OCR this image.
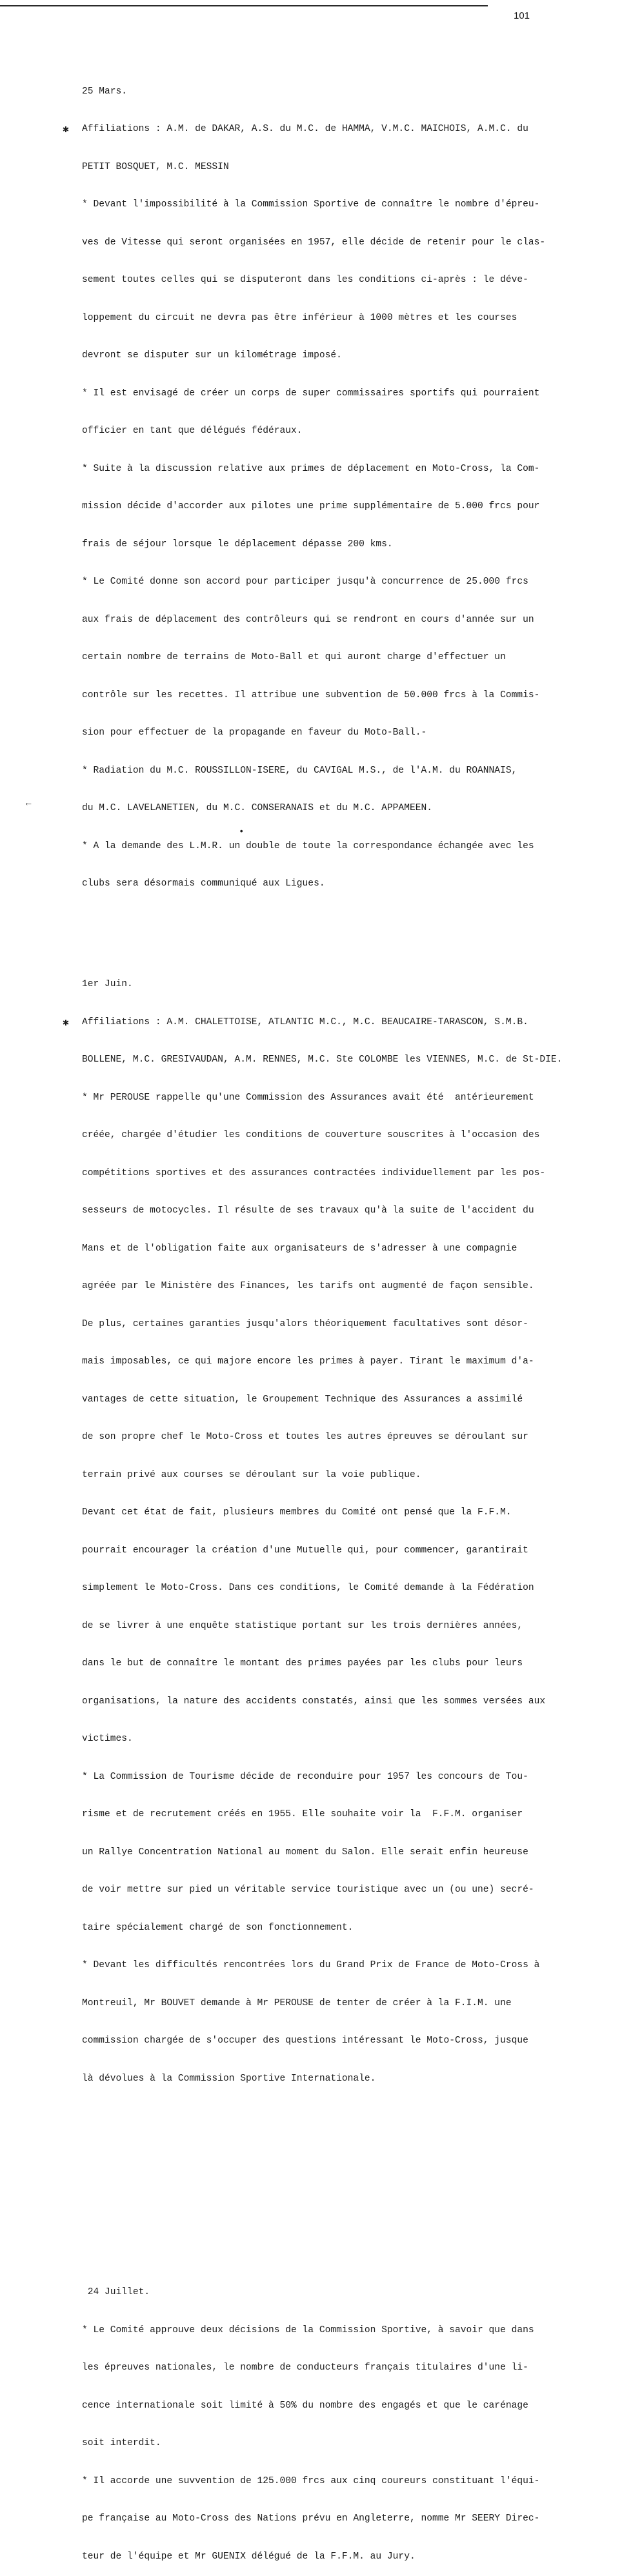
101

25 Mars.

✱ Affiliations : A.M. de DAKAR, A.S. du M.C. de HAMMA, V.M.C. MAICHOIS, A.M.C. du

PETIT BOSQUET, M.C. MESSIN

* Devant l'impossibilité à la Commission Sportive de connaître le nombre d'épreu-

ves de Vitesse qui seront organisées en 1957, elle décide de retenir pour le clas-

sement toutes celles qui se disputeront dans les conditions ci-après : le déve-

loppement du circuit ne devra pas être inférieur à 1000 mètres et les courses

devront se disputer sur un kilométrage imposé.

* Il est envisagé de créer un corps de super commissaires sportifs qui pourraient

officier en tant que délégués fédéraux.

* Suite à la discussion relative aux primes de déplacement en Moto-Cross, la Com-

mission décide d'accorder aux pilotes une prime supplémentaire de 5.000 frcs pour

frais de séjour lorsque le déplacement dépasse 200 kms.

* Le Comité donne son accord pour participer jusqu'à concurrence de 25.000 frcs

aux frais de déplacement des contrôleurs qui se rendront en cours d'année sur un

certain nombre de terrains de Moto-Ball et qui auront charge d'effectuer un

contrôle sur les recettes. Il attribue une subvention de 50.000 frcs à la Commis-

sion pour effectuer de la propagande en faveur du Moto-Ball.-

* Radiation du M.C. ROUSSILLON-ISERE, du CAVIGAL M.S., de l'A.M. du ROANNAIS,

du M.C. LAVELANETIEN, du M.C. CONSERANAIS et du M.C. APPAMEEN.

* A la demande des L.M.R. un double de toute la correspondance échangée avec les

clubs sera désormais communiqué aux Ligues.

1er Juin.

✱ Affiliations : A.M. CHALETTOISE, ATLANTIC M.C., M.C. BEAUCAIRE-TARASCON, S.M.B.

BOLLENE, M.C. GRESIVAUDAN, A.M. RENNES, M.C. Ste COLOMBE les VIENNES, M.C. de St-DIE.

* Mr PEROUSE rappelle qu'une Commission des Assurances avait été  antérieurement

créée, chargée d'étudier les conditions de couverture souscrites à l'occasion des

compétitions sportives et des assurances contractées individuellement par les pos-

sesseurs de motocycles. Il résulte de ses travaux qu'à la suite de l'accident du

Mans et de l'obligation faite aux organisateurs de s'adresser à une compagnie

agréée par le Ministère des Finances, les tarifs ont augmenté de façon sensible.

De plus, certaines garanties jusqu'alors théoriquement facultatives sont désor-

mais imposables, ce qui majore encore les primes à payer. Tirant le maximum d'a-

vantages de cette situation, le Groupement Technique des Assurances a assimilé

de son propre chef le Moto-Cross et toutes les autres épreuves se déroulant sur

terrain privé aux courses se déroulant sur la voie publique.

Devant cet état de fait, plusieurs membres du Comité ont pensé que la F.F.M.

pourrait encourager la création d'une Mutuelle qui, pour commencer, garantirait

simplement le Moto-Cross. Dans ces conditions, le Comité demande à la Fédération

de se livrer à une enquête statistique portant sur les trois dernières années,

dans le but de connaître le montant des primes payées par les clubs pour leurs

organisations, la nature des accidents constatés, ainsi que les sommes versées aux

victimes.

* La Commission de Tourisme décide de reconduire pour 1957 les concours de Tou-

risme et de recrutement créés en 1955. Elle souhaite voir la  F.F.M. organiser

un Rallye Concentration National au moment du Salon. Elle serait enfin heureuse

de voir mettre sur pied un véritable service touristique avec un (ou une) secré-

taire spécialement chargé de son fonctionnement.

* Devant les difficultés rencontrées lors du Grand Prix de France de Moto-Cross à

Montreuil, Mr BOUVET demande à Mr PEROUSE de tenter de créer à la F.I.M. une

commission chargée de s'occuper des questions intéressant le Moto-Cross, jusque

là dévolues à la Commission Sportive Internationale.

24 Juillet.

* Le Comité approuve deux décisions de la Commission Sportive, à savoir que dans

les épreuves nationales, le nombre de conducteurs français titulaires d'une li-

cence internationale soit limité à 50% du nombre des engagés et que le carénage

soit interdit.

* Il accorde une suvvention de 125.000 frcs aux cinq coureurs constituant l'équi-

pe française au Moto-Cross des Nations prévu en Angleterre, nomme Mr SEERY Direc-

teur de l'équipe et Mr GUENIX délégué de la F.F.M. au Jury.

←
•
